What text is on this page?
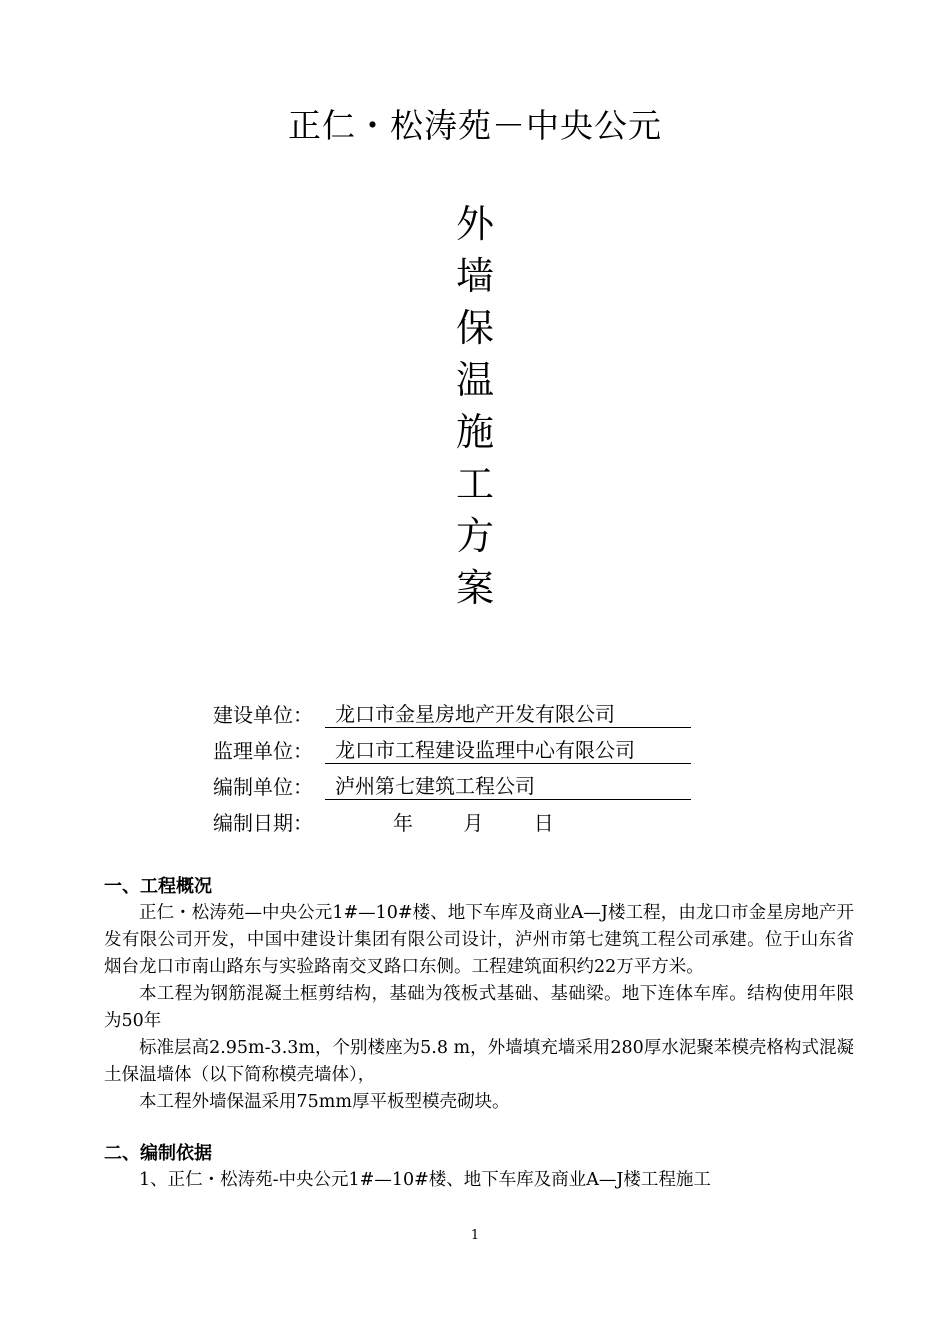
正仁・松涛苑－中央公元
外
墙
保
温
施
工
方
案
建设单位：	龙口市金星房地产开发有限公司
监理单位：	龙口市工程建设监理中心有限公司
编制单位：	泸州第七建筑工程公司
编制日期：	年	月	日
一、工程概况

正仁・松涛苑—中央公元1#—10#楼、地下车库及商业A—J楼工程，由龙口市金星房地产开发有限公司开发，中国中建设计集团有限公司设计，泸州市第七建筑工程公司承建。位于山东省烟台龙口市南山路东与实验路南交叉路口东侧。工程建筑面积约22万平方米。

本工程为钢筋混凝土框剪结构，基础为筏板式基础、基础梁。地下连体车库。结构使用年限为50年

标准层高2.95m-3.3m，个别楼座为5.8 m，外墙填充墙采用280厚水泥聚苯模壳格构式混凝土保温墙体（以下简称模壳墙体），

本工程外墙保温采用75mm厚平板型模壳砌块。

二、编制依据

1、正仁・松涛苑-中央公元1#—10#楼、地下车库及商业A—J楼工程施工

1
